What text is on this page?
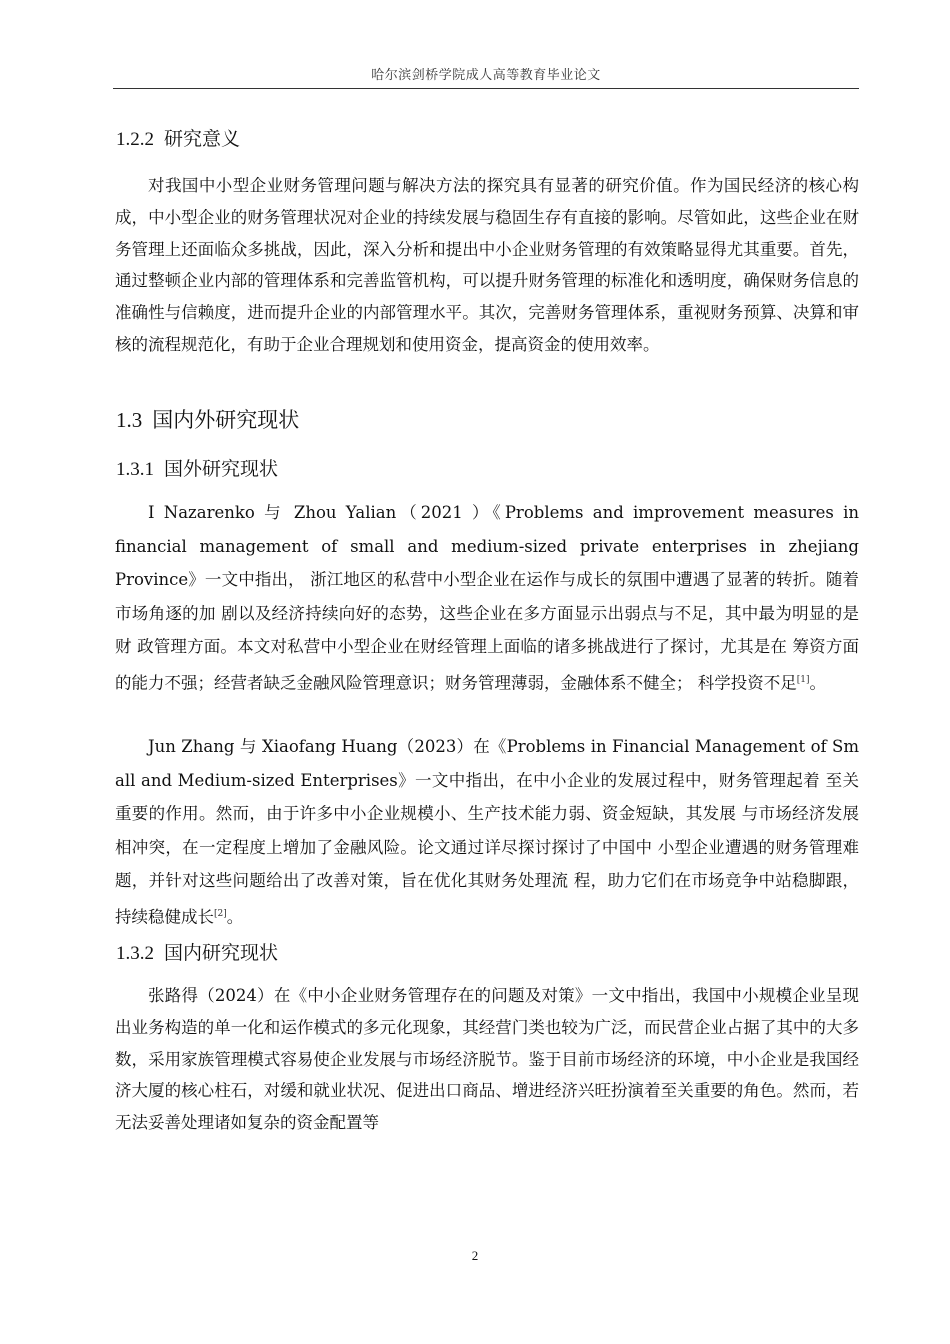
哈尔滨剑桥学院成人高等教育毕业论文
1.2.2 研究意义

对我国中小型企业财务管理问题与解决方法的探究具有显著的研究价值。作为国民经济的核心构成，中小型企业的财务管理状况对企业的持续发展与稳固生存有直接的影响。尽管如此，这些企业在财务管理上还面临众多挑战，因此，深入分析和提出中小企业财务管理的有效策略显得尤其重要。首先，通过整顿企业内部的管理体系和完善监管机构，可以提升财务管理的标准化和透明度，确保财务信息的准确性与信赖度，进而提升企业的内部管理水平。其次，完善财务管理体系，重视财务预算、决算和审核的流程规范化，有助于企业合理规划和使用资金，提高资金的使用效率。

1.3 国内外研究现状
1.3.1 国外研究现状

I Nazarenko 与 Zhou Yalian（2021 ）《Problems and improvement measures in financial management of small and medium-sized private enterprises in zhejiang Province》一文中指出， 浙江地区的私营中小型企业在运作与成长的氛围中遭遇了显著的转折。随着市场角逐的加 剧以及经济持续向好的态势，这些企业在多方面显示出弱点与不足，其中最为明显的是财 政管理方面。本文对私营中小型企业在财经管理上面临的诸多挑战进行了探讨，尤其是在 筹资方面的能力不强；经营者缺乏金融风险管理意识；财务管理薄弱，金融体系不健全； 科学投资不足[1]。

Jun Zhang 与 Xiaofang Huang（2023）在《Problems in Financial Management of Sm all and Medium-sized Enterprises》一文中指出，在中小企业的发展过程中，财务管理起着 至关重要的作用。然而，由于许多中小企业规模小、生产技术能力弱、资金短缺，其发展 与市场经济发展相冲突，在一定程度上增加了金融风险。论文通过详尽探讨探讨了中国中 小型企业遭遇的财务管理难题，并针对这些问题给出了改善对策，旨在优化其财务处理流 程，助力它们在市场竞争中站稳脚跟，持续稳健成长[2]。

1.3.2 国内研究现状

张路得（2024）在《中小企业财务管理存在的问题及对策》一文中指出，我国中小规模企业呈现出业务构造的单一化和运作模式的多元化现象，其经营门类也较为广泛，而民营企业占据了其中的大多数，采用家族管理模式容易使企业发展与市场经济脱节。鉴于目前市场经济的环境，中小企业是我国经济大厦的核心柱石，对缓和就业状况、促进出口商品、增进经济兴旺扮演着至关重要的角色。然而，若无法妥善处理诸如复杂的资金配置等

2
